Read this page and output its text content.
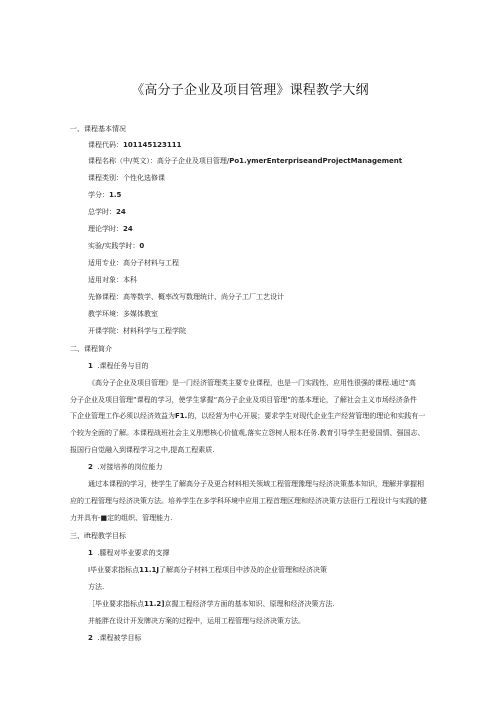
《高分子企业及项目管理》课程教学大纲
一、课程基本情况
课程代码：101145123111
课程名称（中/英文）：高分子企业及项目管理/Po1.ymerEnterpriseandProjectManagement
课程类别：个性化选修课
学分：1.5
总学时：24
理论学时：24
实验/实践学时：0
适用专业：高分子材料与工程
适用对象：本科
先修课程：高等数学、概率改写数理统计、尚分子工厂工艺设计
教学环境：多媒体教室
开课学院：材料科学与工程学院
二、课程简介
1 .课程任务与目的
《高分子企业及项目管理》是一门经济管理类主要专业课程，也是一门实践性、应用性很强的课程.通过“高
分子企业及项目管理”课程的学习，使学生掌握“高分子企业及项目管理”的基本理论，了解社会主义市场经济条件
下企业管理工作必须以经济效益为F1.的，以经营为中心开展；要求学生对现代企业生产经营管理的理论和实践有一
个较为全面的了解。本课程战班社会主义刖想核心价值观,落实立怨树人根本任务.教育引导学生把爱国情、强国志、
报国行自觉融入到课程学习之中,提高工程素质.
2 .对接培养的岗位能力
通过本课程的学习，使学生了解高分子及更合材料相关领域工程管理豫理与经济决策基本知识，理解并掌握相
应的工程管理与经济决策方法。培养学生在多学科环境中应用工程首理区理和经济决策方法诳行工程设计与实践的健
力并具有-■定的组织、管理能力.
三、ift程教学目标
1 .朦程对毕业要求的支撑
I毕业要求指标点11.1J了解高分子材料工程项目中涉及的企业管理和经济决策
方法.
［毕业要求指标点11.2]京握工程经济学方面的基本知识、原理和经济决策方法.
并能胖在设计开发牌决方案的过程中，运用工程管理与经济决策方法。
2 .课程被学目标
